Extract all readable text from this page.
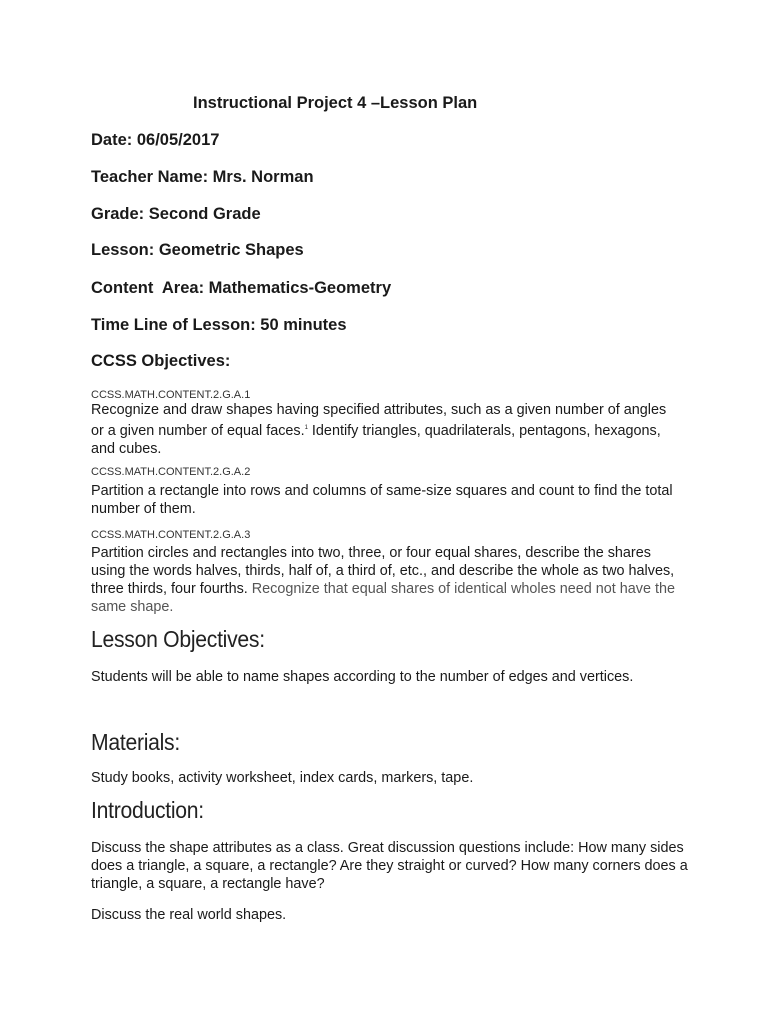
Instructional Project 4 –Lesson Plan
Date: 06/05/2017
Teacher Name: Mrs. Norman
Grade: Second Grade
Lesson: Geometric Shapes
Content  Area: Mathematics-Geometry
Time Line of Lesson: 50 minutes
CCSS Objectives:
CCSS.MATH.CONTENT.2.G.A.1
Recognize and draw shapes having specified attributes, such as a given number of angles or a given number of equal faces.$^1$ Identify triangles, quadrilaterals, pentagons, hexagons, and cubes.
CCSS.MATH.CONTENT.2.G.A.2
Partition a rectangle into rows and columns of same-size squares and count to find the total number of them.
CCSS.MATH.CONTENT.2.G.A.3
Partition circles and rectangles into two, three, or four equal shares, describe the shares using the words halves, thirds, half of, a third of, etc., and describe the whole as two halves, three thirds, four fourths. Recognize that equal shares of identical wholes need not have the same shape.
Lesson Objectives:
Students will be able to name shapes according to the number of edges and vertices.
Materials:
Study books, activity worksheet, index cards, markers, tape.
Introduction:
Discuss the shape attributes as a class. Great discussion questions include: How many sides does a triangle, a square, a rectangle? Are they straight or curved? How many corners does a triangle, a square, a rectangle have?
Discuss the real world shapes.
